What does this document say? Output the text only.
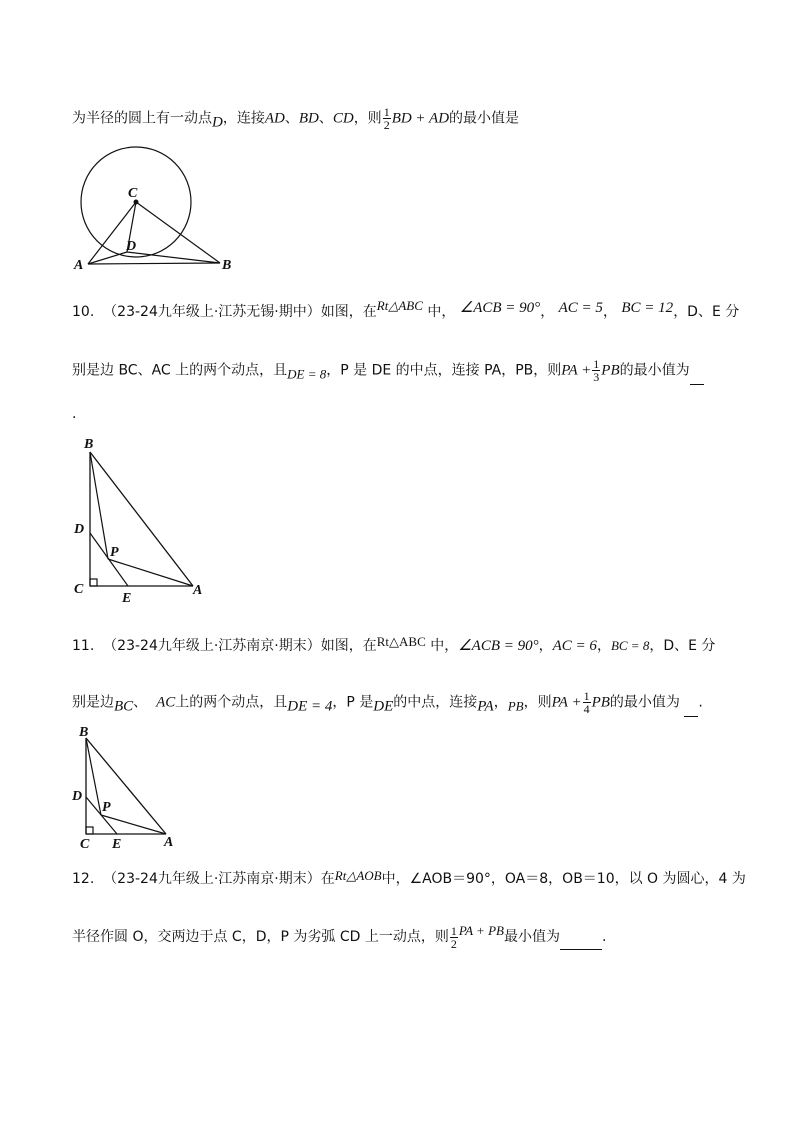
为半径的圆上有一动点D，连接AD、BD、CD，则 $\frac{1}{2}$ BD + AD的最小值是
C
D
A	B
10. （23-24九年级上·江苏无锡·期中）如图，在Rt△ABC 中， ∠ACB = 90°， AC = 5， BC = 12，D、E 分
别是边 BC、AC 上的两个动点，且DE = 8，P 是 DE 的中点，连接 PA，PB，则PA + $\frac{1}{3}$ PB的最小值为
.
B
D
P
C
E
A
11. （23-24九年级上·江苏南京·期末）如图，在Rt△ABC 中，∠ACB = 90°，AC = 6，BC = 8，D、E 分
别是边BC、 AC上的两个动点，且DE = 4，P 是DE的中点，连接PA，PB，则PA + $\frac{1}{4}$ PB的最小值为 .
B
D
P
C E	A
12. （23-24九年级上·江苏南京·期末）在Rt△AOB中，∠AOB＝90°，OA＝8，OB＝10，以 O 为圆心，4 为
半径作圆 O，交两边于点 C，D，P 为劣弧 CD 上一动点，则 $\frac{1}{2}$ PA + PB最小值为	.
